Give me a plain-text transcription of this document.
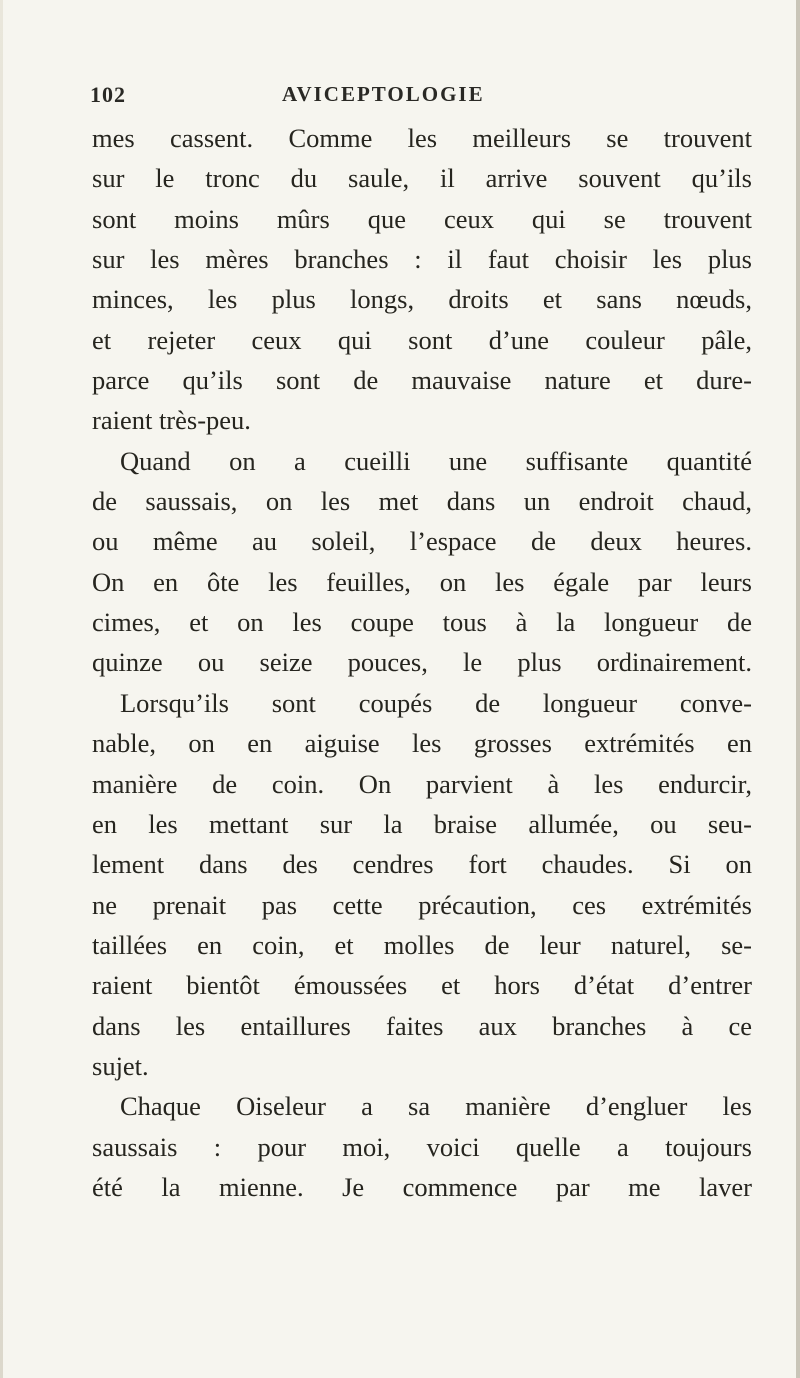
102	AVICEPTOLOGIE
mes cassent. Comme les meilleurs se trouvent
sur le tronc du saule, il arrive souvent qu’ils
sont moins mûrs que ceux qui se trouvent
sur les mères branches : il faut choisir les plus
minces, les plus longs, droits et sans nœuds,
et rejeter ceux qui sont d’une couleur pâle,
parce qu’ils sont de mauvaise nature et dure-
raient très-peu.
Quand on a cueilli une suffisante quantité
de saussais, on les met dans un endroit chaud,
ou même au soleil, l’espace de deux heures.
On en ôte les feuilles, on les égale par leurs
cimes, et on les coupe tous à la longueur de
quinze ou seize pouces, le plus ordinairement.
Lorsqu’ils sont coupés de longueur conve-
nable, on en aiguise les grosses extrémités en
manière de coin. On parvient à les endurcir,
en les mettant sur la braise allumée, ou seu-
lement dans des cendres fort chaudes. Si on
ne prenait pas cette précaution, ces extrémités
taillées en coin, et molles de leur naturel, se-
raient bientôt émoussées et hors d’état d’entrer
dans les entaillures faites aux branches à ce
sujet.
Chaque Oiseleur a sa manière d’engluer les
saussais : pour moi, voici quelle a toujours
été la mienne. Je commence par me laver
